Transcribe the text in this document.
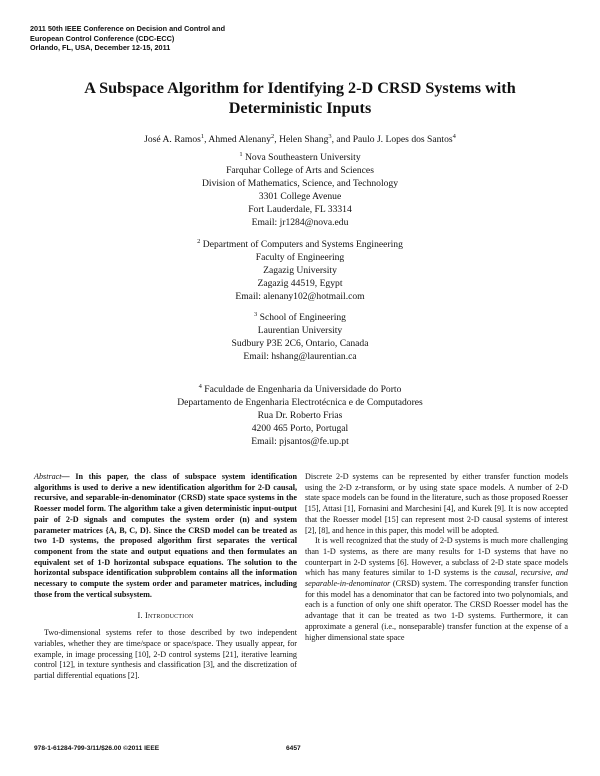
2011 50th IEEE Conference on Decision and Control and
European Control Conference (CDC-ECC)
Orlando, FL, USA, December 12-15, 2011
A Subspace Algorithm for Identifying 2-D CRSD Systems with
Deterministic Inputs
José A. Ramos$^1$, Ahmed Alenany$^2$, Helen Shang$^3$, and Paulo J. Lopes dos Santos$^4$
$^1$ Nova Southeastern University
Farquhar College of Arts and Sciences
Division of Mathematics, Science, and Technology
3301 College Avenue
Fort Lauderdale, FL 33314
Email: jr1284@nova.edu
$^2$ Department of Computers and Systems Engineering
Faculty of Engineering
Zagazig University
Zagazig 44519, Egypt
Email: alenany102@hotmail.com
$^3$ School of Engineering
Laurentian University
Sudbury P3E 2C6, Ontario, Canada
Email: hshang@laurentian.ca
$^4$ Faculdade de Engenharia da Universidade do Porto
Departamento de Engenharia Electrotécnica e de Computadores
Rua Dr. Roberto Frias
4200 465 Porto, Portugal
Email: pjsantos@fe.up.pt

Abstract— In this paper, the class of subspace system identification algorithms is used to derive a new identification algorithm for 2-D causal, recursive, and separable-in-denominator (CRSD) state space systems in the Roesser model form. The algorithm take a given deterministic input-output pair of 2-D signals and computes the system order (n) and system parameter matrices {A, B, C, D}. Since the CRSD model can be treated as two 1-D systems, the proposed algorithm first separates the vertical component from the state and output equations and then formulates an equivalent set of 1-D horizontal subspace equations. The solution to the horizontal subspace identification subproblem contains all the information necessary to compute the system order and parameter matrices, including those from the vertical subsystem.

I. Introduction

Two-dimensional systems refer to those described by two independent variables, whether they are time/space or space/space. They usually appear, for example, in image processing [10], 2-D control systems [21], iterative learning control [12], in texture synthesis and classification [3], and the discretization of partial differential equations [2].

Discrete 2-D systems can be represented by either transfer function models using the 2-D z-transform, or by using state space models. A number of 2-D state space models can be found in the literature, such as those proposed Roesser [15], Attasi [1], Fornasini and Marchesini [4], and Kurek [9]. It is now accepted that the Roesser model [15] can represent most 2-D causal systems of interest [2], [8], and hence in this paper, this model will be adopted.

It is well recognized that the study of 2-D systems is much more challenging than 1-D systems, as there are many results for 1-D systems that have no counterpart in 2-D systems [6]. However, a subclass of 2-D state space models which has many features similar to 1-D systems is the causal, recursive, and separable-in-denominator (CRSD) system. The corresponding transfer function for this model has a denominator that can be factored into two polynomials, and each is a function of only one shift operator. The CRSD Roesser model has the advantage that it can be treated as two 1-D systems. Furthermore, it can approximate a general (i.e., nonseparable) transfer function at the expense of a higher dimensional state space

978-1-61284-799-3/11/$26.00 ©2011 IEEE	6457
